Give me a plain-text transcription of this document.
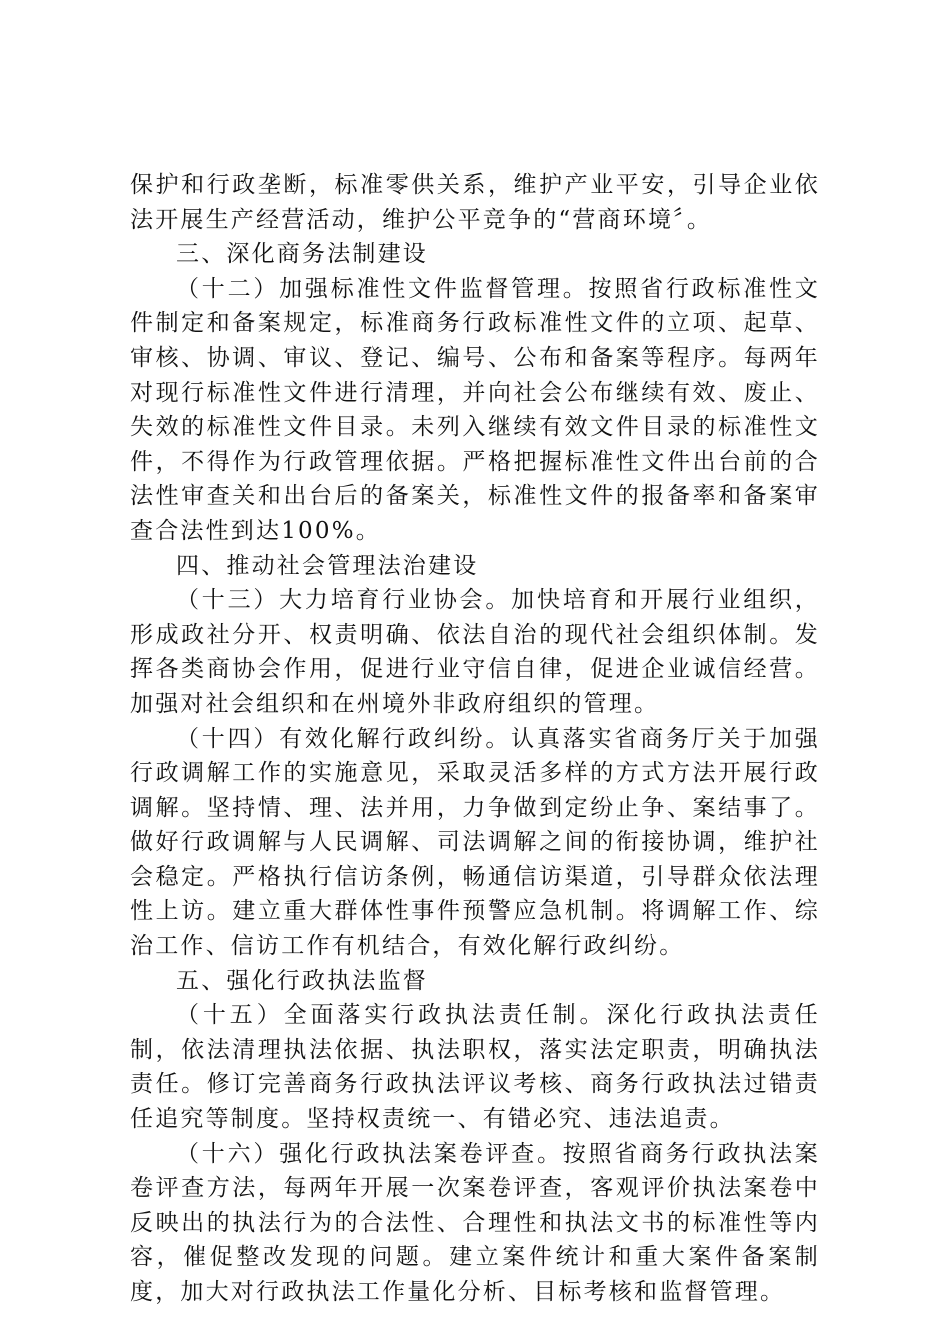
保护和行政垄断，标准零供关系，维护产业平安，引导企业依法开展生产经营活动，维护公平竞争的“营商环境〞。

三、深化商务法制建设

（十二）加强标准性文件监督管理。按照省行政标准性文件制定和备案规定，标准商务行政标准性文件的立项、起草、审核、协调、审议、登记、编号、公布和备案等程序。每两年对现行标准性文件进行清理，并向社会公布继续有效、废止、失效的标准性文件目录。未列入继续有效文件目录的标准性文件，不得作为行政管理依据。严格把握标准性文件出台前的合法性审查关和出台后的备案关，标准性文件的报备率和备案审查合法性到达100%。

四、推动社会管理法治建设

（十三）大力培育行业协会。加快培育和开展行业组织，形成政社分开、权责明确、依法自治的现代社会组织体制。发挥各类商协会作用，促进行业守信自律，促进企业诚信经营。加强对社会组织和在州境外非政府组织的管理。

（十四）有效化解行政纠纷。认真落实省商务厅关于加强行政调解工作的实施意见，采取灵活多样的方式方法开展行政调解。坚持情、理、法并用，力争做到定纷止争、案结事了。做好行政调解与人民调解、司法调解之间的衔接协调，维护社会稳定。严格执行信访条例，畅通信访渠道，引导群众依法理性上访。建立重大群体性事件预警应急机制。将调解工作、综治工作、信访工作有机结合，有效化解行政纠纷。

五、强化行政执法监督

（十五）全面落实行政执法责任制。深化行政执法责任制，依法清理执法依据、执法职权，落实法定职责，明确执法责任。修订完善商务行政执法评议考核、商务行政执法过错责任追究等制度。坚持权责统一、有错必究、违法追责。

（十六）强化行政执法案卷评查。按照省商务行政执法案卷评查方法，每两年开展一次案卷评查，客观评价执法案卷中反映出的执法行为的合法性、合理性和执法文书的标准性等内容，催促整改发现的问题。建立案件统计和重大案件备案制度，加大对行政执法工作量化分析、目标考核和监督管理。
